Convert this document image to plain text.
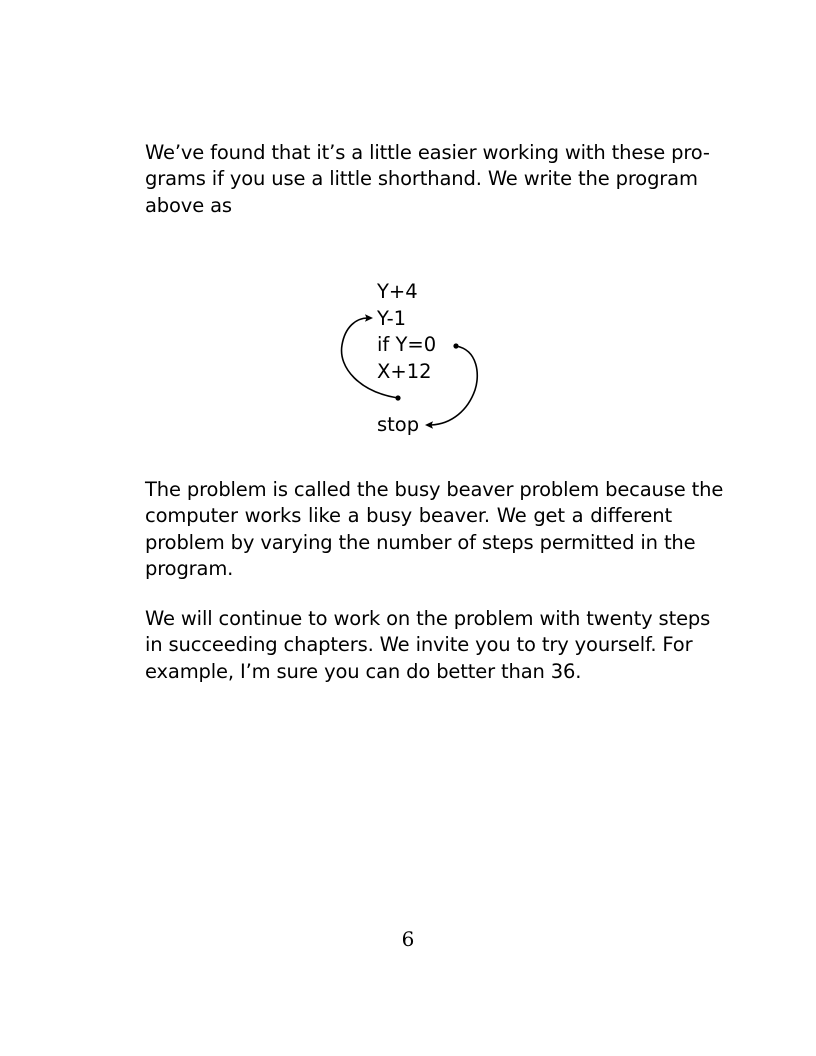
We’ve found that it’s a little easier working with these pro-
grams if you use a little shorthand. We write the program
above as
Y+4
Y-1
if Y=0
X+12
stop
The problem is called the busy beaver problem because the
computer works like a busy beaver. We get a different
problem by varying the number of steps permitted in the
program.
We will continue to work on the problem with twenty steps
in succeeding chapters. We invite you to try yourself. For
example, I’m sure you can do better than 36.
6
